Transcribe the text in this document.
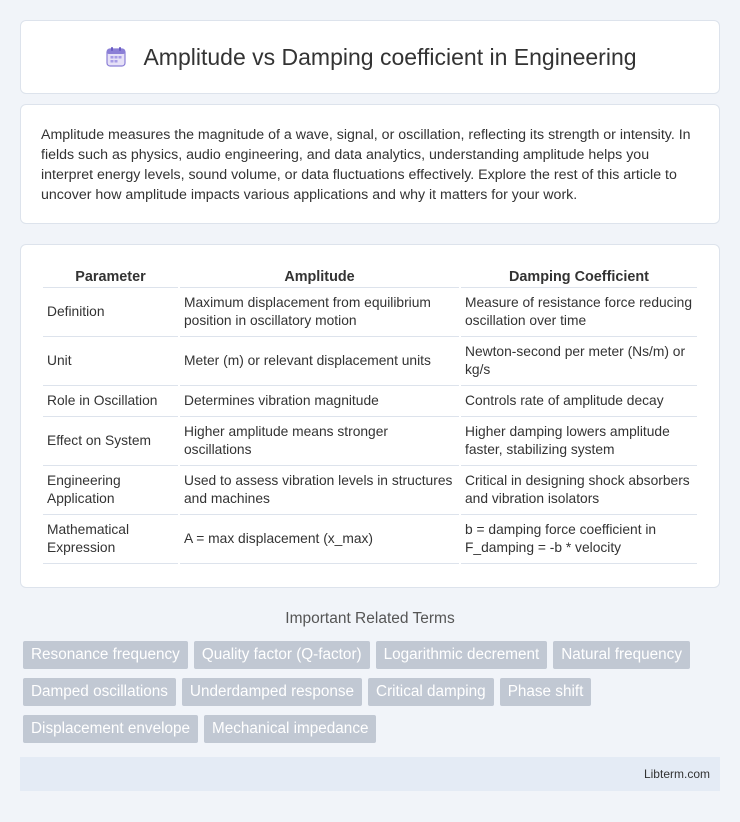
Amplitude vs Damping coefficient in Engineering

Amplitude measures the magnitude of a wave, signal, or oscillation, reflecting its strength or intensity. In fields such as physics, audio engineering, and data analytics, understanding amplitude helps you interpret energy levels, sound volume, or data fluctuations effectively. Explore the rest of this article to uncover how amplitude impacts various applications and why it matters for your work.

Parameter	Amplitude	Damping Coefficient
Definition	Maximum displacement from equilibrium position in oscillatory motion	Measure of resistance force reducing oscillation over time
Unit	Meter (m) or relevant displacement units	Newton-second per meter (Ns/m) or kg/s
Role in Oscillation	Determines vibration magnitude	Controls rate of amplitude decay
Effect on System	Higher amplitude means stronger oscillations	Higher damping lowers amplitude faster, stabilizing system
Engineering Application	Used to assess vibration levels in structures and machines	Critical in designing shock absorbers and vibration isolators
Mathematical Expression	A = max displacement (x_max)	b = damping force coefficient in F_damping = -b * velocity
Important Related Terms
Resonance frequency	Quality factor (Q-factor)	Logarithmic decrement	Natural frequency
Damped oscillations	Underdamped response	Critical damping	Phase shift
Displacement envelope	Mechanical impedance
Libterm.com
